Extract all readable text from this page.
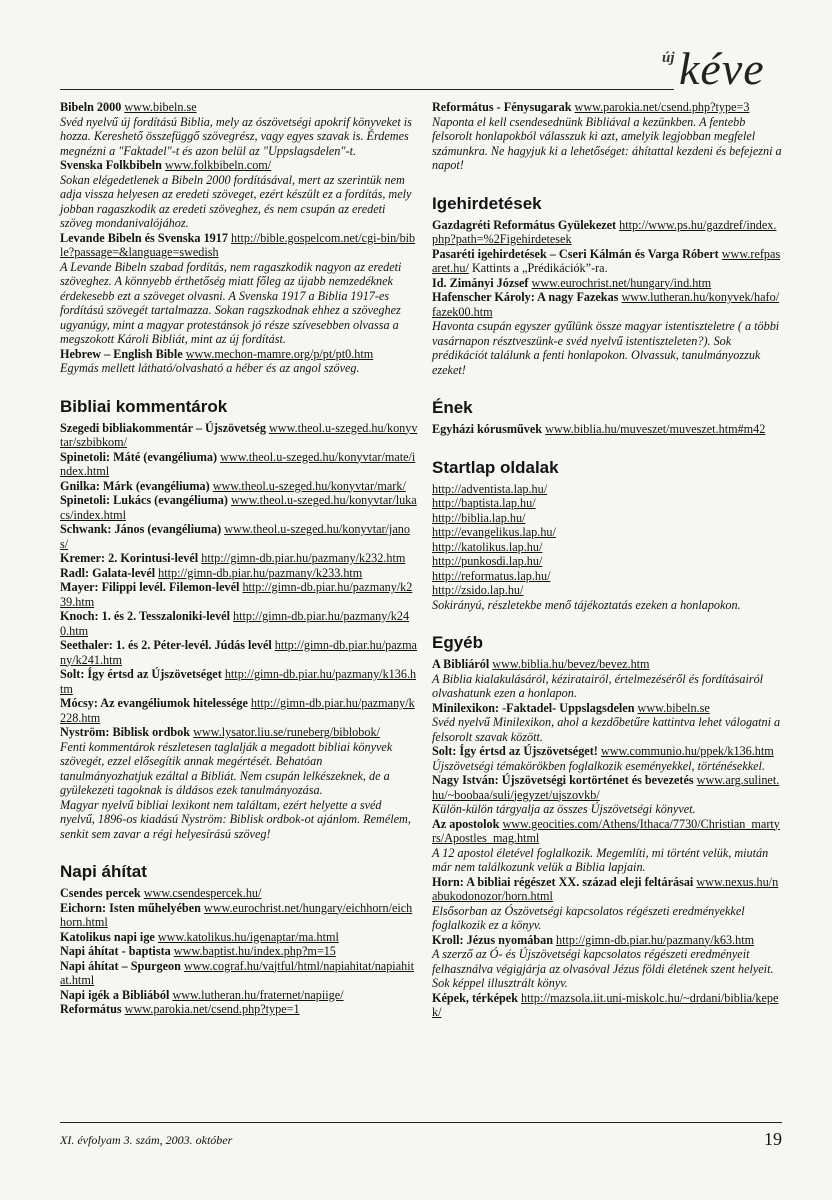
új kéve
Bibeln 2000 www.bibeln.se
Svéd nyelvű új fordítású Biblia, mely az ószövetségi apokrif könyveket is hozza. Kereshető összefüggő szövegrész, vagy egyes szavak is. Érdemes megnézni a "Faktadel"-t és azon belül az "Uppslagsdelen"-t.
Svenska Folkbibeln www.folkbibeln.com/
Sokan elégedetlenek a Bibeln 2000 fordításával, mert az szerintük nem adja vissza helyesen az eredeti szöveget, ezért készült ez a fordítás, mely jobban ragaszkodik az eredeti szöveghez, és nem csupán az eredeti szöveg mondanivalójához.
Levande Bibeln és Svenska 1917 http://bible.gospelcom.net/cgi-bin/bible?passage=&language=swedish
A Levande Bibeln szabad fordítás, nem ragaszkodik nagyon az eredeti szöveghez. A könnyebb érthetőség miatt főleg az újabb nemzedéknek érdekesebb ezt a szöveget olvasni. A Svenska 1917 a Biblia 1917-es fordítású szövegét tartalmazza. Sokan ragszkodnak ehhez a szöveghez ugyanúgy, mint a magyar protestánsok jó része szívesebben olvassa a megszokott Károli Bibliát, mint az új fordítást.
Hebrew – English Bible www.mechon-mamre.org/p/pt/pt0.htm
Egymás mellett látható/olvasható a héber és az angol szöveg.
Bibliai kommentárok
Szegedi bibliakommentár – Újszövetség www.theol.u-szeged.hu/konyvtar/szbibkom/
Spinetoli: Máté (evangéliuma) www.theol.u-szeged.hu/konyvtar/mate/index.html
Gnilka: Márk (evangéliuma) www.theol.u-szeged.hu/konyvtar/mark/
Spinetoli: Lukács (evangéliuma) www.theol.u-szeged.hu/konyvtar/lukacs/index.html
Schwank: János (evangéliuma) www.theol.u-szeged.hu/konyvtar/janos/
Kremer: 2. Korintusi-levél http://gimn-db.piar.hu/pazmany/k232.htm
Radl: Galata-levél http://gimn-db.piar.hu/pazmany/k233.htm
Mayer: Filippi levél. Filemon-levél http://gimn-db.piar.hu/pazmany/k239.htm
Knoch: 1. és 2. Tesszaloniki-levél http://gimn-db.piar.hu/pazmany/k240.htm
Seethaler: 1. és 2. Péter-levél. Júdás levél http://gimn-db.piar.hu/pazmany/k241.htm
Solt: Így értsd az Újszövetséget http://gimn-db.piar.hu/pazmany/k136.htm
Mócsy: Az evangéliumok hitelessége http://gimn-db.piar.hu/pazmany/k228.htm
Nyström: Biblisk ordbok www.lysator.liu.se/runeberg/biblobok/
Fenti kommentárok részletesen taglalják a megadott bibliai könyvek szövegét, ezzel elősegítik annak megértését. Behatóan tanulmányozhatjuk ezáltal a Bibliát. Nem csupán lelkészeknek, de a gyülekezeti tagoknak is áldásos ezek tanulmányozása.
Magyar nyelvű bibliai lexikont nem találtam, ezért helyette a svéd nyelvű, 1896-os kiadású Nyström: Biblisk ordbok-ot ajánlom. Remélem, senkit sem zavar a régi helyesírású szöveg!
Napi áhítat
Csendes percek www.csendespercek.hu/
Eichorn: Isten műhelyében www.eurochrist.net/hungary/eichhorn/eichhorn.html
Katolikus napi ige www.katolikus.hu/igenaptar/ma.html
Napi áhítat - baptista www.baptist.hu/index.php?m=15
Napi áhítat – Spurgeon www.cograf.hu/vajtful/html/napiahitat/napiahitat.html
Napi igék a Bibliából www.lutheran.hu/fraternet/napiige/
Református www.parokia.net/csend.php?type=1
Református - Fénysugarak www.parokia.net/csend.php?type=3
Naponta el kell csendesednünk Bibliával a kezünkben. A fentebb felsorolt honlapokból válasszuk ki azt, amelyik legjobban megfelel számunkra. Ne hagyjuk ki a lehetőséget: áhítattal kezdeni és befejezni a napot!
Igehirdetések
Gazdagréti Református Gyülekezet http://www.ps.hu/gazdref/index.php?path=%2Figehirdetesek
Pasaréti igehirdetések – Cseri Kálmán és Varga Róbert www.refpasaret.hu/ Kattints a „Prédikációk”-ra.
Id. Zimányi József www.eurochrist.net/hungary/ind.htm
Hafenscher Károly: A nagy Fazekas www.lutheran.hu/konyvek/hafo/fazek00.htm
Havonta csupán egyszer gyűlünk össze magyar istentiszteletre ( a többi vasárnapon résztveszünk-e svéd nyelvű istentiszteleten?). Sok prédikációt találunk a fenti honlapokon. Olvassuk, tanulmányozzuk ezeket!
Ének
Egyházi kórusművek www.biblia.hu/muveszet/muveszet.htm#m42
Startlap oldalak
http://adventista.lap.hu/
http://baptista.lap.hu/
http://biblia.lap.hu/
http://evangelikus.lap.hu/
http://katolikus.lap.hu/
http://punkosdi.lap.hu/
http://reformatus.lap.hu/
http://zsido.lap.hu/
Sokirányú, részletekbe menő tájékoztatás ezeken a honlapokon.
Egyéb
A Bibliáról www.biblia.hu/bevez/bevez.htm
A Biblia kialakulásáról, kéziratairól, értelmezéséről és fordításairól olvashatunk ezen a honlapon.
Minilexikon: -Faktadel- Uppslagsdelen www.bibeln.se
Svéd nyelvű Minilexikon, ahol a kezdőbetűre kattintva lehet válogatni a felsorolt szavak között.
Solt: Így értsd az Újszövetséget! www.communio.hu/ppek/k136.htm
Újszövetségi témakörökben foglalkozik eseményekkel, történésekkel.
Nagy István: Újszövetségi kortörténet és bevezetés www.arg.sulinet.hu/~boobaa/suli/jegyzet/ujszovkb/
Külön-külön tárgyalja az összes Újszövetségi könyvet.
Az apostolok www.geocities.com/Athens/Ithaca/7730/Christian_martyrs/Apostles_mag.html
A 12 apostol életével foglalkozik. Megemlíti, mi történt velük, miután már nem találkozunk velük a Biblia lapjain.
Horn: A bibliai régészet XX. század eleji feltárásai www.nexus.hu/nabukodonozor/horn.html
Elsősorban az Ószövetségi kapcsolatos régészeti eredményekkel foglalkozik ez a könyv.
Kroll: Jézus nyomában http://gimn-db.piar.hu/pazmany/k63.htm
A szerző az Ó- és Újszövetségi kapcsolatos régészeti eredményeit felhasználva végigjárja az olvasóval Jézus földi életének szent helyeit. Sok képpel illusztrált könyv.
Képek, térképek http://mazsola.iit.uni-miskolc.hu/~drdani/biblia/kepek/
XI. évfolyam 3. szám, 2003. október	19
